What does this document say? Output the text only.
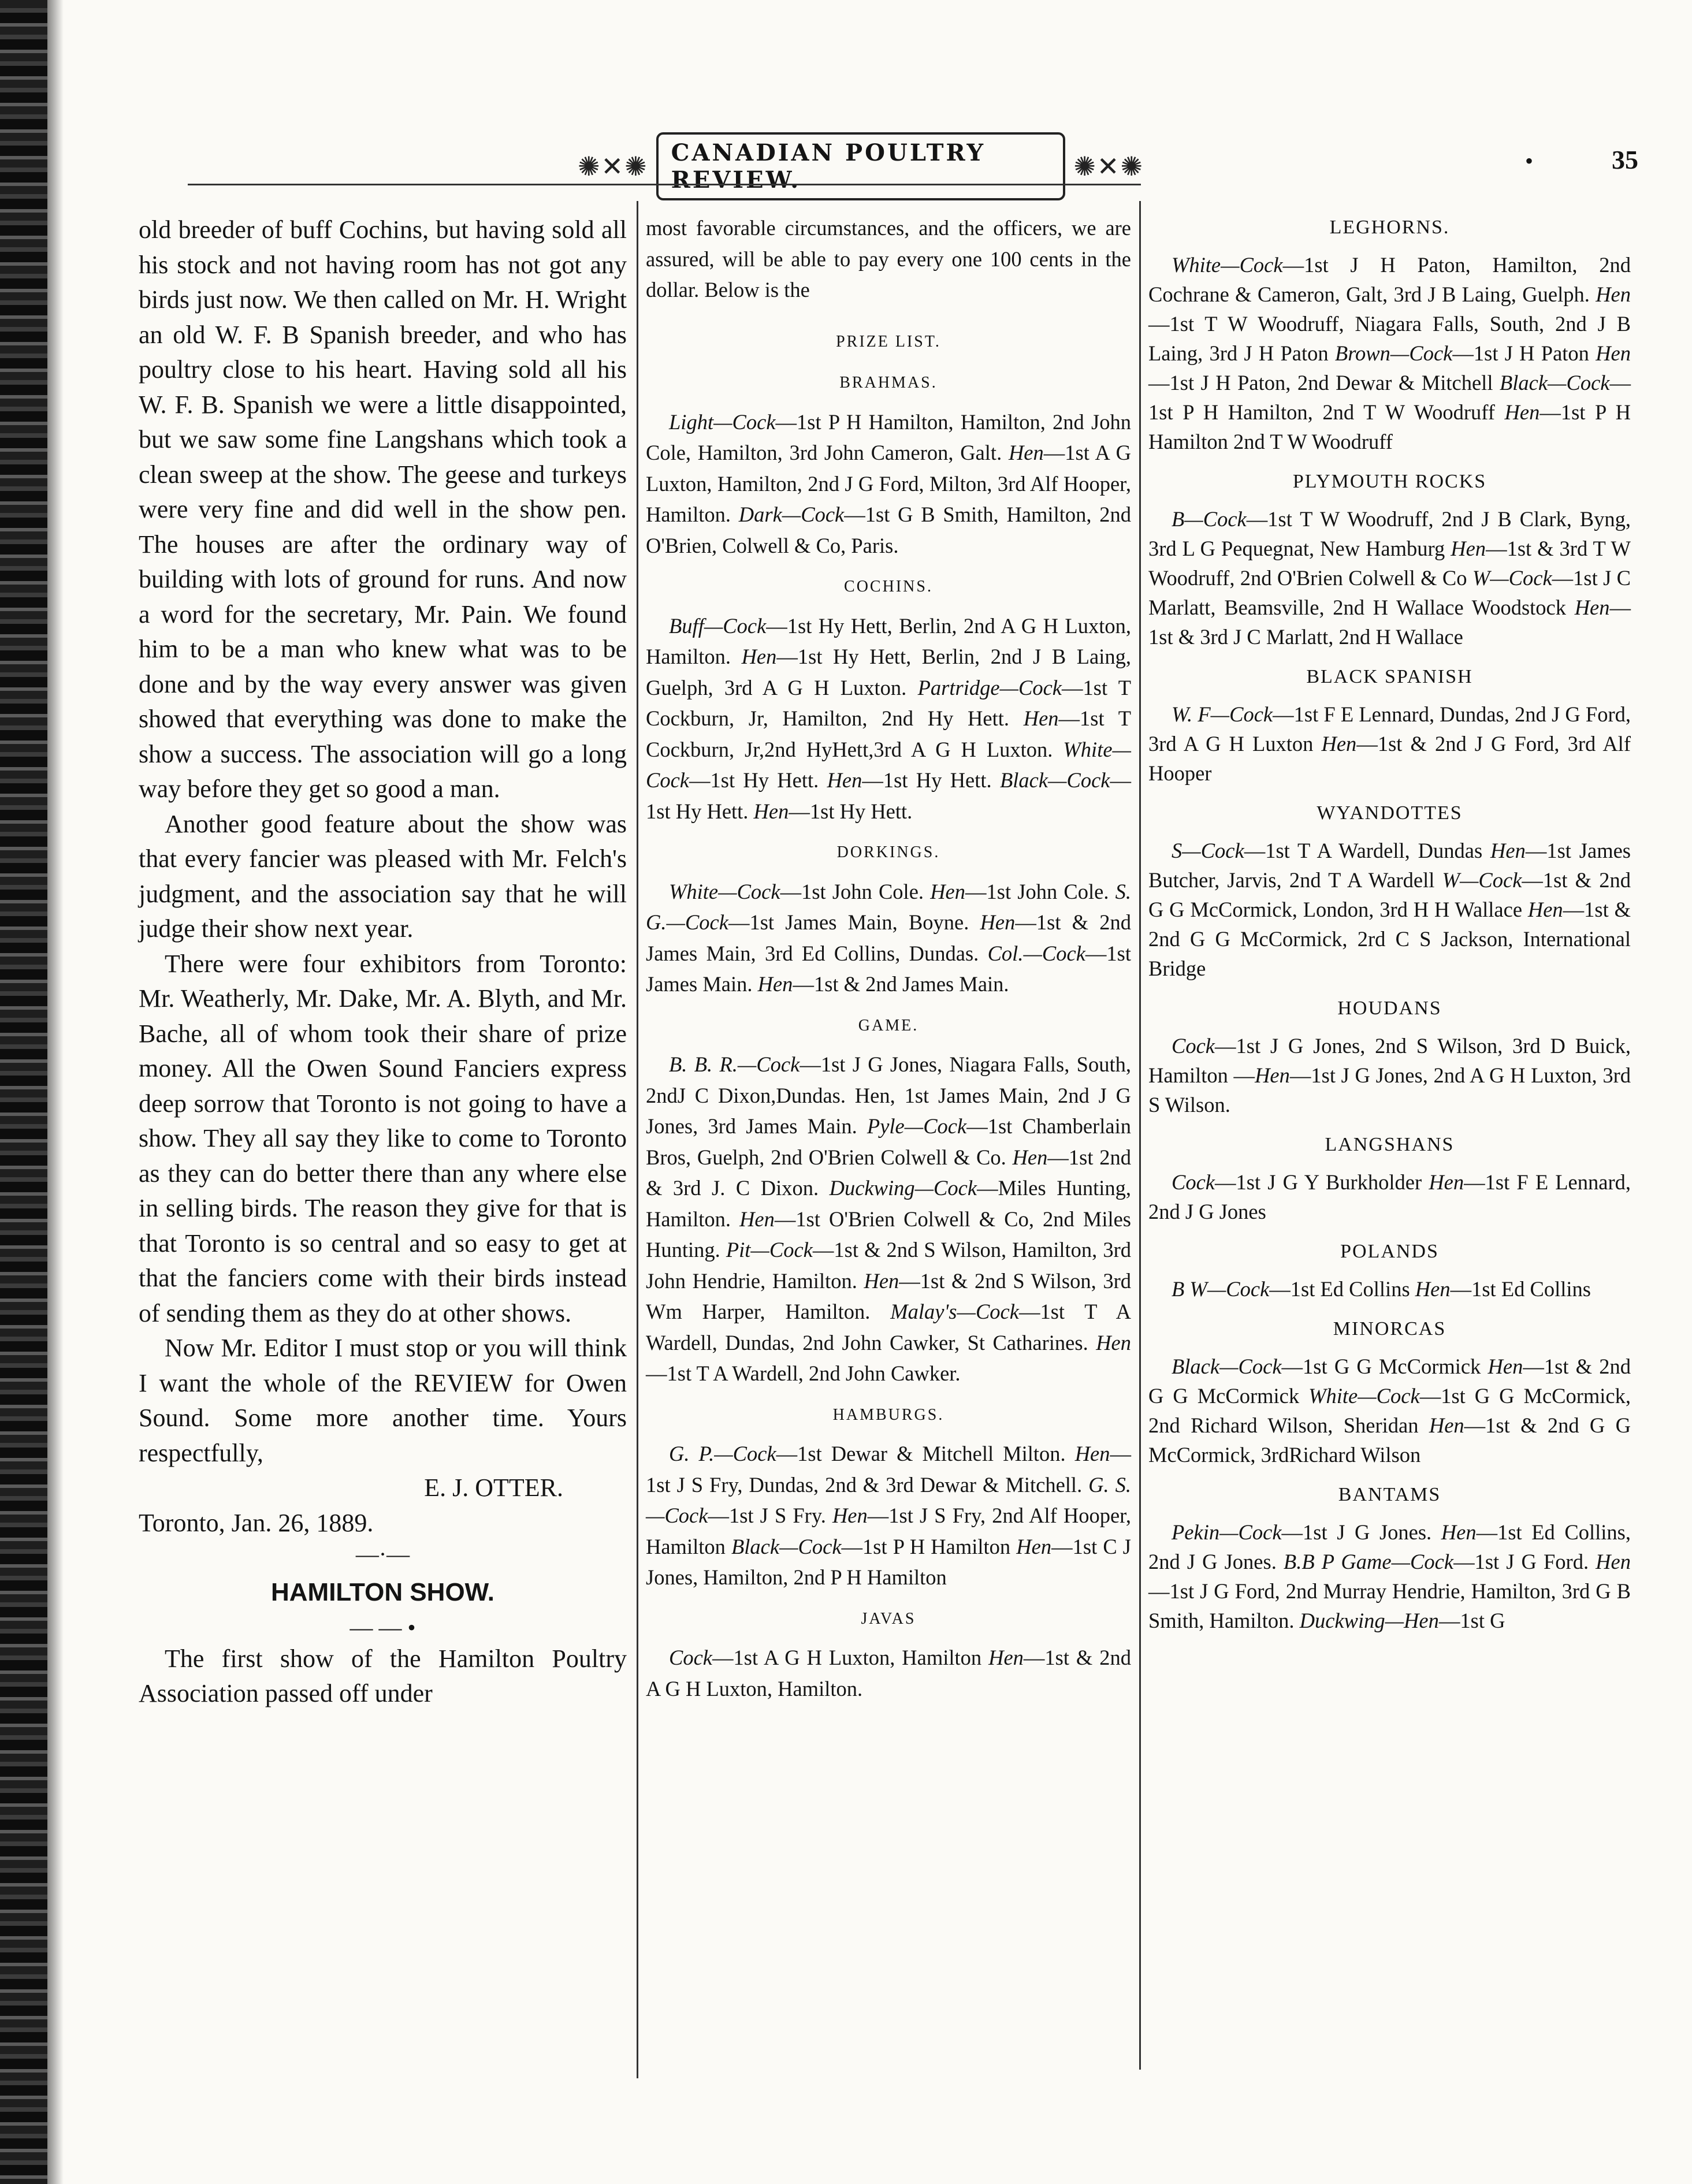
✺✕✺	CANADIAN POULTRY REVIEW.	✺✕✺	35
•

old breeder of buff Cochins, but having sold all his stock and not having room has not got any birds just now. We then called on Mr. H. Wright an old W. F. B Spanish breeder, and who has poultry close to his heart. Having sold all his W. F. B. Spanish we were a little disappointed, but we saw some fine Langshans which took a clean sweep at the show. The geese and turkeys were very fine and did well in the show pen. The houses are after the ordinary way of building with lots of ground for runs. And now a word for the secretary, Mr. Pain. We found him to be a man who knew what was to be done and by the way every answer was given showed that everything was done to make the show a success. The association will go a long way before they get so good a man.

Another good feature about the show was that every fancier was pleased with Mr. Felch's judgment, and the association say that he will judge their show next year.

There were four exhibitors from Toronto: Mr. Weatherly, Mr. Dake, Mr. A. Blyth, and Mr. Bache, all of whom took their share of prize money. All the Owen Sound Fanciers express deep sorrow that Toronto is not going to have a show. They all say they like to come to Toronto as they can do better there than any where else in selling birds. The reason they give for that is that Toronto is so central and so easy to get at that the fanciers come with their birds instead of sending them as they do at other shows.

Now Mr. Editor I must stop or you will think I want the whole of the REVIEW for Owen Sound. Some more another time. Yours respectfully,

E. J. OTTER.

Toronto, Jan. 26, 1889.

—·—
HAMILTON SHOW.
— — •

The first show of the Hamilton Poultry Association passed off under

most favorable circumstances, and the officers, we are assured, will be able to pay every one 100 cents in the dollar. Below is the

PRIZE LIST.
BRAHMAS.

Light—Cock—1st P H Hamilton, Hamilton, 2nd John Cole, Hamilton, 3rd John Cameron, Galt. Hen—1st A G Luxton, Hamilton, 2nd J G Ford, Milton, 3rd Alf Hooper, Hamilton. Dark—Cock—1st G B Smith, Hamilton, 2nd O'Brien, Colwell & Co, Paris.

COCHINS.

Buff—Cock—1st Hy Hett, Berlin, 2nd A G H Luxton, Hamilton. Hen—1st Hy Hett, Berlin, 2nd J B Laing, Guelph, 3rd A G H Luxton. Partridge—Cock—1st T Cockburn, Jr, Hamilton, 2nd Hy Hett. Hen—1st T Cockburn, Jr,2nd HyHett,3rd A G H Luxton. White—Cock—1st Hy Hett. Hen—1st Hy Hett. Black—Cock—1st Hy Hett. Hen—1st Hy Hett.

DORKINGS.

White—Cock—1st John Cole. Hen—1st John Cole. S. G.—Cock—1st James Main, Boyne. Hen—1st & 2nd James Main, 3rd Ed Collins, Dundas. Col.—Cock—1st James Main. Hen—1st & 2nd James Main.

GAME.

B. B. R.—Cock—1st J G Jones, Niagara Falls, South, 2ndJ C Dixon,Dundas. Hen, 1st James Main, 2nd J G Jones, 3rd James Main. Pyle—Cock—1st Chamberlain Bros, Guelph, 2nd O'Brien Colwell & Co. Hen—1st 2nd & 3rd J. C Dixon. Duckwing—Cock—Miles Hunting, Hamilton. Hen—1st O'Brien Colwell & Co, 2nd Miles Hunting. Pit—Cock—1st & 2nd S Wilson, Hamilton, 3rd John Hendrie, Hamilton. Hen—1st & 2nd S Wilson, 3rd Wm Harper, Hamilton. Malay's—Cock—1st T A Wardell, Dundas, 2nd John Cawker, St Catharines. Hen—1st T A Wardell, 2nd John Cawker.

HAMBURGS.

G. P.—Cock—1st Dewar & Mitchell Milton. Hen—1st J S Fry, Dundas, 2nd & 3rd Dewar & Mitchell. G. S.—Cock—1st J S Fry. Hen—1st J S Fry, 2nd Alf Hooper, Hamilton Black—Cock—1st P H Hamilton Hen—1st C J Jones, Hamilton, 2nd P H Hamilton

JAVAS

Cock—1st A G H Luxton, Hamilton Hen—1st & 2nd A G H Luxton, Hamilton.

LEGHORNS.

White—Cock—1st J H Paton, Hamilton, 2nd Cochrane & Cameron, Galt, 3rd J B Laing, Guelph. Hen—1st T W Woodruff, Niagara Falls, South, 2nd J B Laing, 3rd J H Paton Brown—Cock—1st J H Paton Hen—1st J H Paton, 2nd Dewar & Mitchell Black—Cock—1st P H Hamilton, 2nd T W Woodruff Hen—1st P H Hamilton 2nd T W Woodruff

PLYMOUTH ROCKS

B—Cock—1st T W Woodruff, 2nd J B Clark, Byng, 3rd L G Pequegnat, New Hamburg Hen—1st & 3rd T W Woodruff, 2nd O'Brien Colwell & Co W—Cock—1st J C Marlatt, Beamsville, 2nd H Wallace Woodstock Hen—1st & 3rd J C Marlatt, 2nd H Wallace

BLACK SPANISH

W. F—Cock—1st F E Lennard, Dundas, 2nd J G Ford, 3rd A G H Luxton Hen—1st & 2nd J G Ford, 3rd Alf Hooper

WYANDOTTES

S—Cock—1st T A Wardell, Dundas Hen—1st James Butcher, Jarvis, 2nd T A Wardell W—Cock—1st & 2nd G G McCormick, London, 3rd H H Wallace Hen—1st & 2nd G G McCormick, 2rd C S Jackson, International Bridge

HOUDANS

Cock—1st J G Jones, 2nd S Wilson, 3rd D Buick, Hamilton —Hen—1st J G Jones, 2nd A G H Luxton, 3rd S Wilson.

LANGSHANS

Cock—1st J G Y Burkholder Hen—1st F E Lennard, 2nd J G Jones

POLANDS

B W—Cock—1st Ed Collins Hen—1st Ed Collins

MINORCAS

Black—Cock—1st G G McCormick Hen—1st & 2nd G G McCormick White—Cock—1st G G McCormick, 2nd Richard Wilson, Sheridan Hen—1st & 2nd G G McCormick, 3rdRichard Wilson

BANTAMS

Pekin—Cock—1st J G Jones. Hen—1st Ed Collins, 2nd J G Jones. B.B P Game—Cock—1st J G Ford. Hen—1st J G Ford, 2nd Murray Hendrie, Hamilton, 3rd G B Smith, Hamilton. Duckwing—Hen—1st G
